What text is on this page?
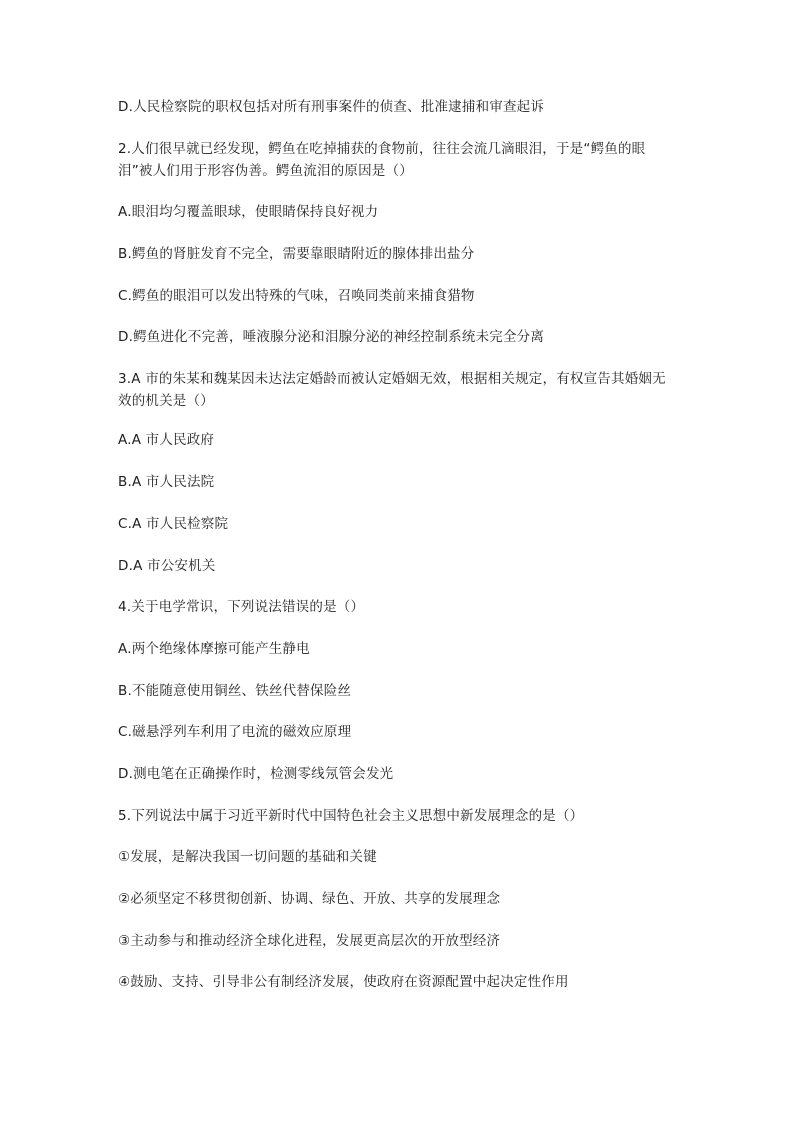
D.人民检察院的职权包括对所有刑事案件的侦查、批准逮捕和审查起诉
2.人们很早就已经发现，鳄鱼在吃掉捕获的食物前，往往会流几滴眼泪，于是“鳄鱼的眼泪”被人们用于形容伪善。鳄鱼流泪的原因是（）
A.眼泪均匀覆盖眼球，使眼睛保持良好视力
B.鳄鱼的肾脏发育不完全，需要靠眼睛附近的腺体排出盐分
C.鳄鱼的眼泪可以发出特殊的气味，召唤同类前来捕食猎物
D.鳄鱼进化不完善，唾液腺分泌和泪腺分泌的神经控制系统未完全分离
3.A 市的朱某和魏某因未达法定婚龄而被认定婚姻无效，根据相关规定，有权宣告其婚姻无效的机关是（）
A.A 市人民政府
B.A 市人民法院
C.A 市人民检察院
D.A 市公安机关
4.关于电学常识，下列说法错误的是（）
A.两个绝缘体摩擦可能产生静电
B.不能随意使用铜丝、铁丝代替保险丝
C.磁悬浮列车利用了电流的磁效应原理
D.测电笔在正确操作时，检测零线氖管会发光
5.下列说法中属于习近平新时代中国特色社会主义思想中新发展理念的是（）
①发展，是解决我国一切问题的基础和关键
②必须坚定不移贯彻创新、协调、绿色、开放、共享的发展理念
③主动参与和推动经济全球化进程，发展更高层次的开放型经济
④鼓励、支持、引导非公有制经济发展，使政府在资源配置中起决定性作用
